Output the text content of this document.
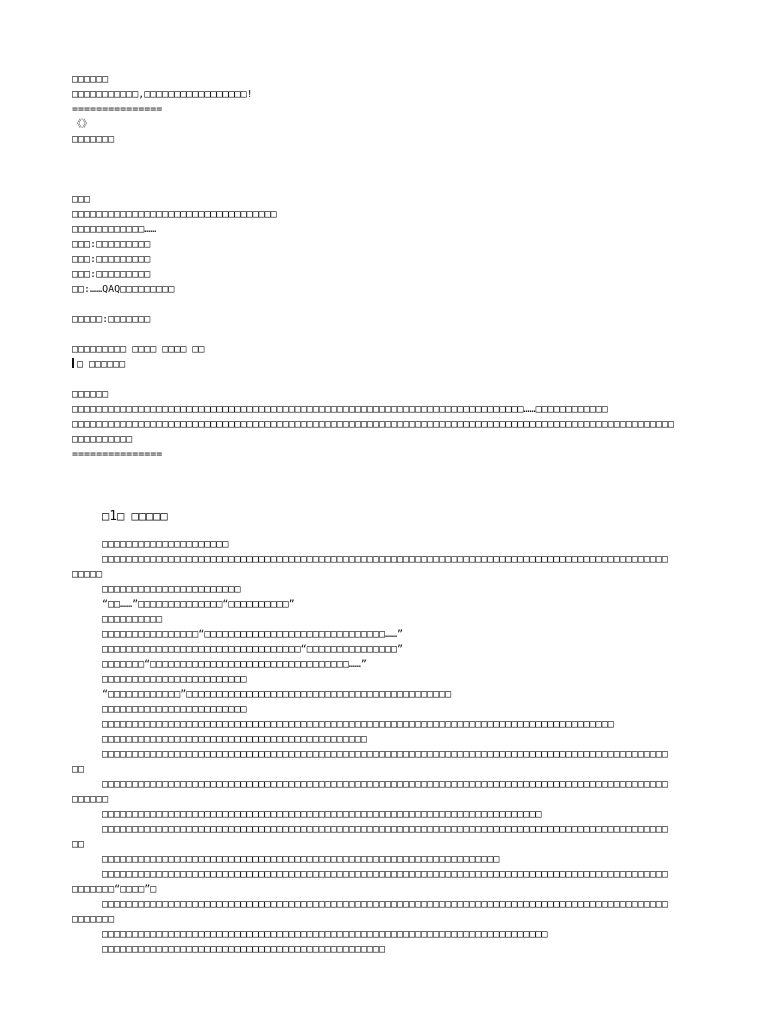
□□□□□□
□□□□□□□□□□□,□□□□□□□□□□□□□□□□□!
===============
《》
□□□□□□□
□□□
□□□□□□□□□□□□□□□□□□□□□□□□□□□□□□□□□□
□□□□□□□□□□□□……
□□□:□□□□□□□□□
□□□:□□□□□□□□□
□□□:□□□□□□□□□
□□:……QAQ□□□□□□□□□
□□□□□:□□□□□□□
□□□□□□□□□ □□□□ □□□□ □□
□ □□□□□□
□□□□□□
□□□□□□□□□□□□□□□□□□□□□□□□□□□□□□□□□□□□□□□□□□□□□□□□□□□□□□□□□□□□□□□□□□□□□□□□□□□……□□□□□□□□□□□□
□□□□□□□□□□□□□□□□□□□□□□□□□□□□□□□□□□□□□□□□□□□□□□□□□□□□□□□□□□□□□□□□□□□□□□□□□□□□□□□□□□□□□□□□□□□□□□□□□□□□
□□□□□□□□□□
===============
□1□ □□□□□
□□□□□□□□□□□□□□□□□□□□□
□□□□□□□□□□□□□□□□□□□□□□□□□□□□□□□□□□□□□□□□□□□□□□□□□□□□□□□□□□□□□□□□□□□□□□□□□□□□□□□□□□□□□□□□□□□□□□
□□□□□
□□□□□□□□□□□□□□□□□□□□□□□
“□□……”□□□□□□□□□□□□□□“□□□□□□□□□□”
□□□□□□□□□□
□□□□□□□□□□□□□□□□“□□□□□□□□□□□□□□□□□□□□□□□□□□□□□□……”
□□□□□□□□□□□□□□□□□□□□□□□□□□□□□□□□□“□□□□□□□□□□□□□□□”
□□□□□□□“□□□□□□□□□□□□□□□□□□□□□□□□□□□□□□□□□……”
□□□□□□□□□□□□□□□□□□□□□□□□
“□□□□□□□□□□□□”□□□□□□□□□□□□□□□□□□□□□□□□□□□□□□□□□□□□□□□□□□□□
□□□□□□□□□□□□□□□□□□□□□□□□
□□□□□□□□□□□□□□□□□□□□□□□□□□□□□□□□□□□□□□□□□□□□□□□□□□□□□□□□□□□□□□□□□□□□□□□□□□□□□□□□□□□□□
□□□□□□□□□□□□□□□□□□□□□□□□□□□□□□□□□□□□□□□□□□□□
□□□□□□□□□□□□□□□□□□□□□□□□□□□□□□□□□□□□□□□□□□□□□□□□□□□□□□□□□□□□□□□□□□□□□□□□□□□□□□□□□□□□□□□□□□□□□□
□□
□□□□□□□□□□□□□□□□□□□□□□□□□□□□□□□□□□□□□□□□□□□□□□□□□□□□□□□□□□□□□□□□□□□□□□□□□□□□□□□□□□□□□□□□□□□□□□
□□□□□□
□□□□□□□□□□□□□□□□□□□□□□□□□□□□□□□□□□□□□□□□□□□□□□□□□□□□□□□□□□□□□□□□□□□□□□□□□
□□□□□□□□□□□□□□□□□□□□□□□□□□□□□□□□□□□□□□□□□□□□□□□□□□□□□□□□□□□□□□□□□□□□□□□□□□□□□□□□□□□□□□□□□□□□□□
□□
□□□□□□□□□□□□□□□□□□□□□□□□□□□□□□□□□□□□□□□□□□□□□□□□□□□□□□□□□□□□□□□□□□
□□□□□□□□□□□□□□□□□□□□□□□□□□□□□□□□□□□□□□□□□□□□□□□□□□□□□□□□□□□□□□□□□□□□□□□□□□□□□□□□□□□□□□□□□□□□□□
□□□□□□□“□□□□”□
□□□□□□□□□□□□□□□□□□□□□□□□□□□□□□□□□□□□□□□□□□□□□□□□□□□□□□□□□□□□□□□□□□□□□□□□□□□□□□□□□□□□□□□□□□□□□□
□□□□□□□
□□□□□□□□□□□□□□□□□□□□□□□□□□□□□□□□□□□□□□□□□□□□□□□□□□□□□□□□□□□□□□□□□□□□□□□□□□
□□□□□□□□□□□□□□□□□□□□□□□□□□□□□□□□□□□□□□□□□□□□□□□
